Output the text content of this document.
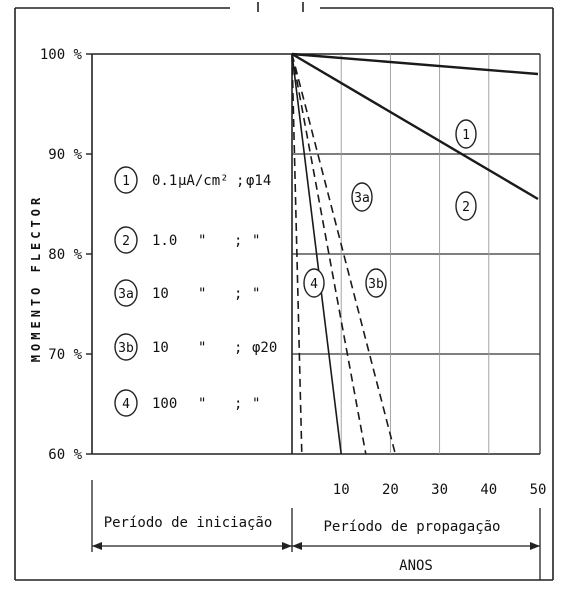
MOMENTO FLECTOR
100 %
90 %
80 %
70 %
60 %
10 20 30 40 50
1 0.1 μA/cm² ; φ14
2 1.0 " ; "
3a 10 " ; "
3b 10 " ; φ20
4 100 " ; "
1
2
3a
3b
4
Período de iniciação	Período de propagação
ANOS
